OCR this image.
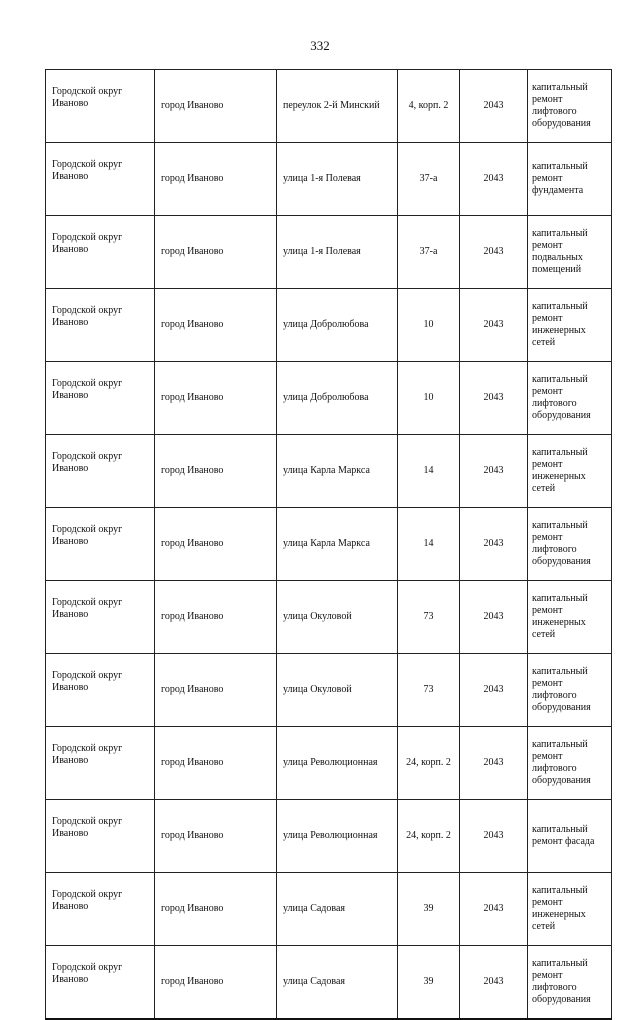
332
Городской округ Иваново	город Иваново	переулок 2-й Минский	4, корп. 2	2043	капитальный ремонт лифтового оборудования
Городской округ Иваново	город Иваново	улица 1-я Полевая	37-а	2043	капитальный ремонт фундамента
Городской округ Иваново	город Иваново	улица 1-я Полевая	37-а	2043	капитальный ремонт подвальных помещений
Городской округ Иваново	город Иваново	улица Добролюбова	10	2043	капитальный ремонт инженерных сетей
Городской округ Иваново	город Иваново	улица Добролюбова	10	2043	капитальный ремонт лифтового оборудования
Городской округ Иваново	город Иваново	улица Карла Маркса	14	2043	капитальный ремонт инженерных сетей
Городской округ Иваново	город Иваново	улица Карла Маркса	14	2043	капитальный ремонт лифтового оборудования
Городской округ Иваново	город Иваново	улица Окуловой	73	2043	капитальный ремонт инженерных сетей
Городской округ Иваново	город Иваново	улица Окуловой	73	2043	капитальный ремонт лифтового оборудования
Городской округ Иваново	город Иваново	улица Революционная	24, корп. 2	2043	капитальный ремонт лифтового оборудования
Городской округ Иваново	город Иваново	улица Революционная	24, корп. 2	2043	капитальный ремонт фасада
Городской округ Иваново	город Иваново	улица Садовая	39	2043	капитальный ремонт инженерных сетей
Городской округ Иваново	город Иваново	улица Садовая	39	2043	капитальный ремонт лифтового оборудования
